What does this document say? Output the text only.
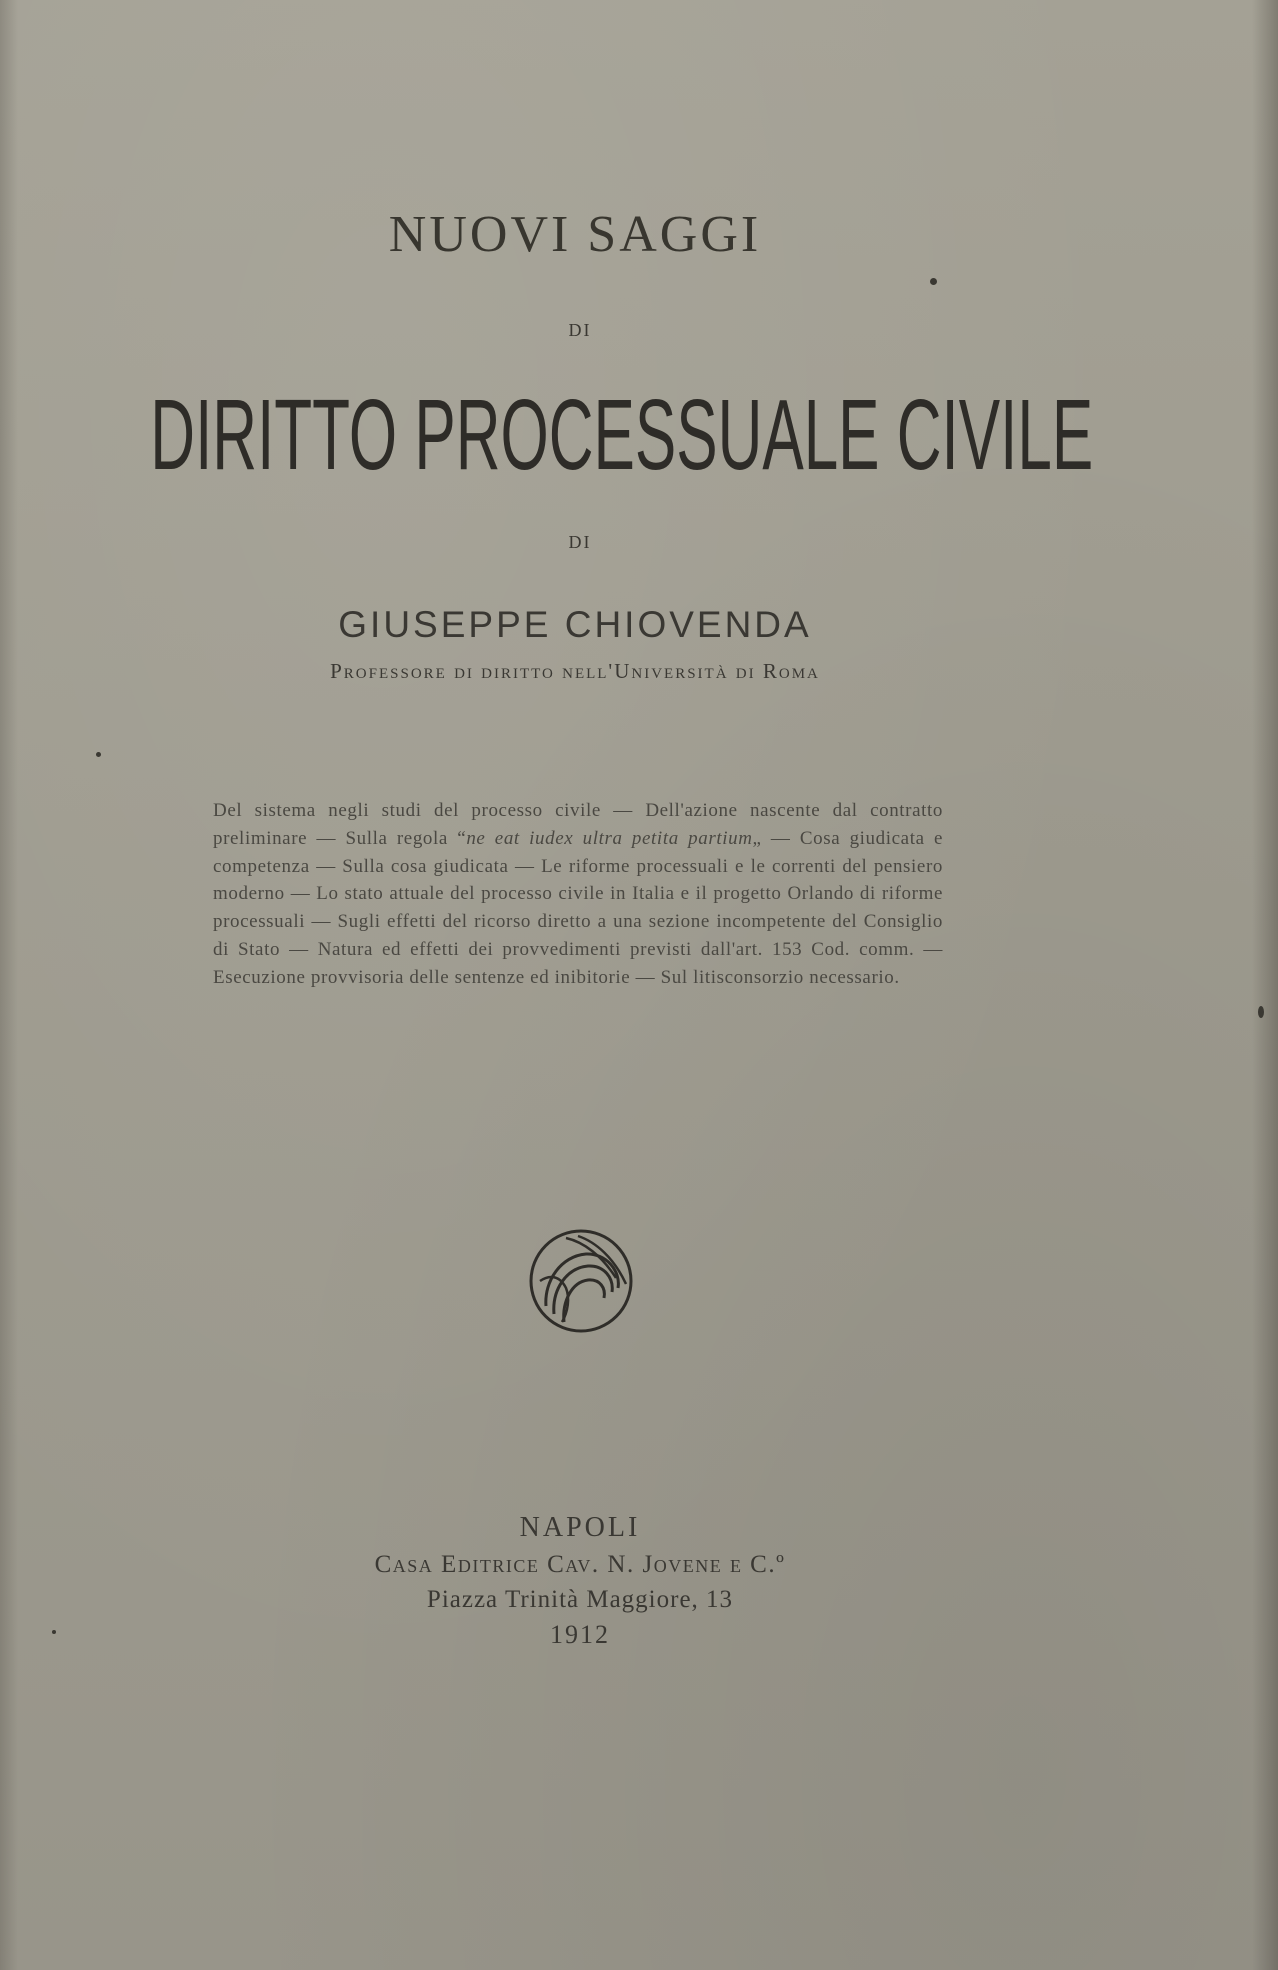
NUOVI SAGGI
DI
DIRITTO PROCESSUALE CIVILE
DI
GIUSEPPE CHIOVENDA
Professore di diritto nell'Università di Roma
Del sistema negli studi del processo civile — Dell'azione nascente dal contratto preliminare — Sulla regola “ne eat iudex ultra petita partium„ — Cosa giudicata e competenza — Sulla cosa giudicata — Le riforme processuali e le correnti del pensiero moderno — Lo stato attuale del processo civile in Italia e il progetto Orlando di riforme processuali — Sugli effetti del ricorso diretto a una sezione incompetente del Consiglio di Stato — Natura ed effetti dei provvedimenti previsti dall'art. 153 Cod. comm. — Esecuzione provvisoria delle sentenze ed inibitorie — Sul litisconsorzio necessario.
NAPOLI
Casa Editrice Cav. N. Jovene e C.º
Piazza Trinità Maggiore, 13
1912
